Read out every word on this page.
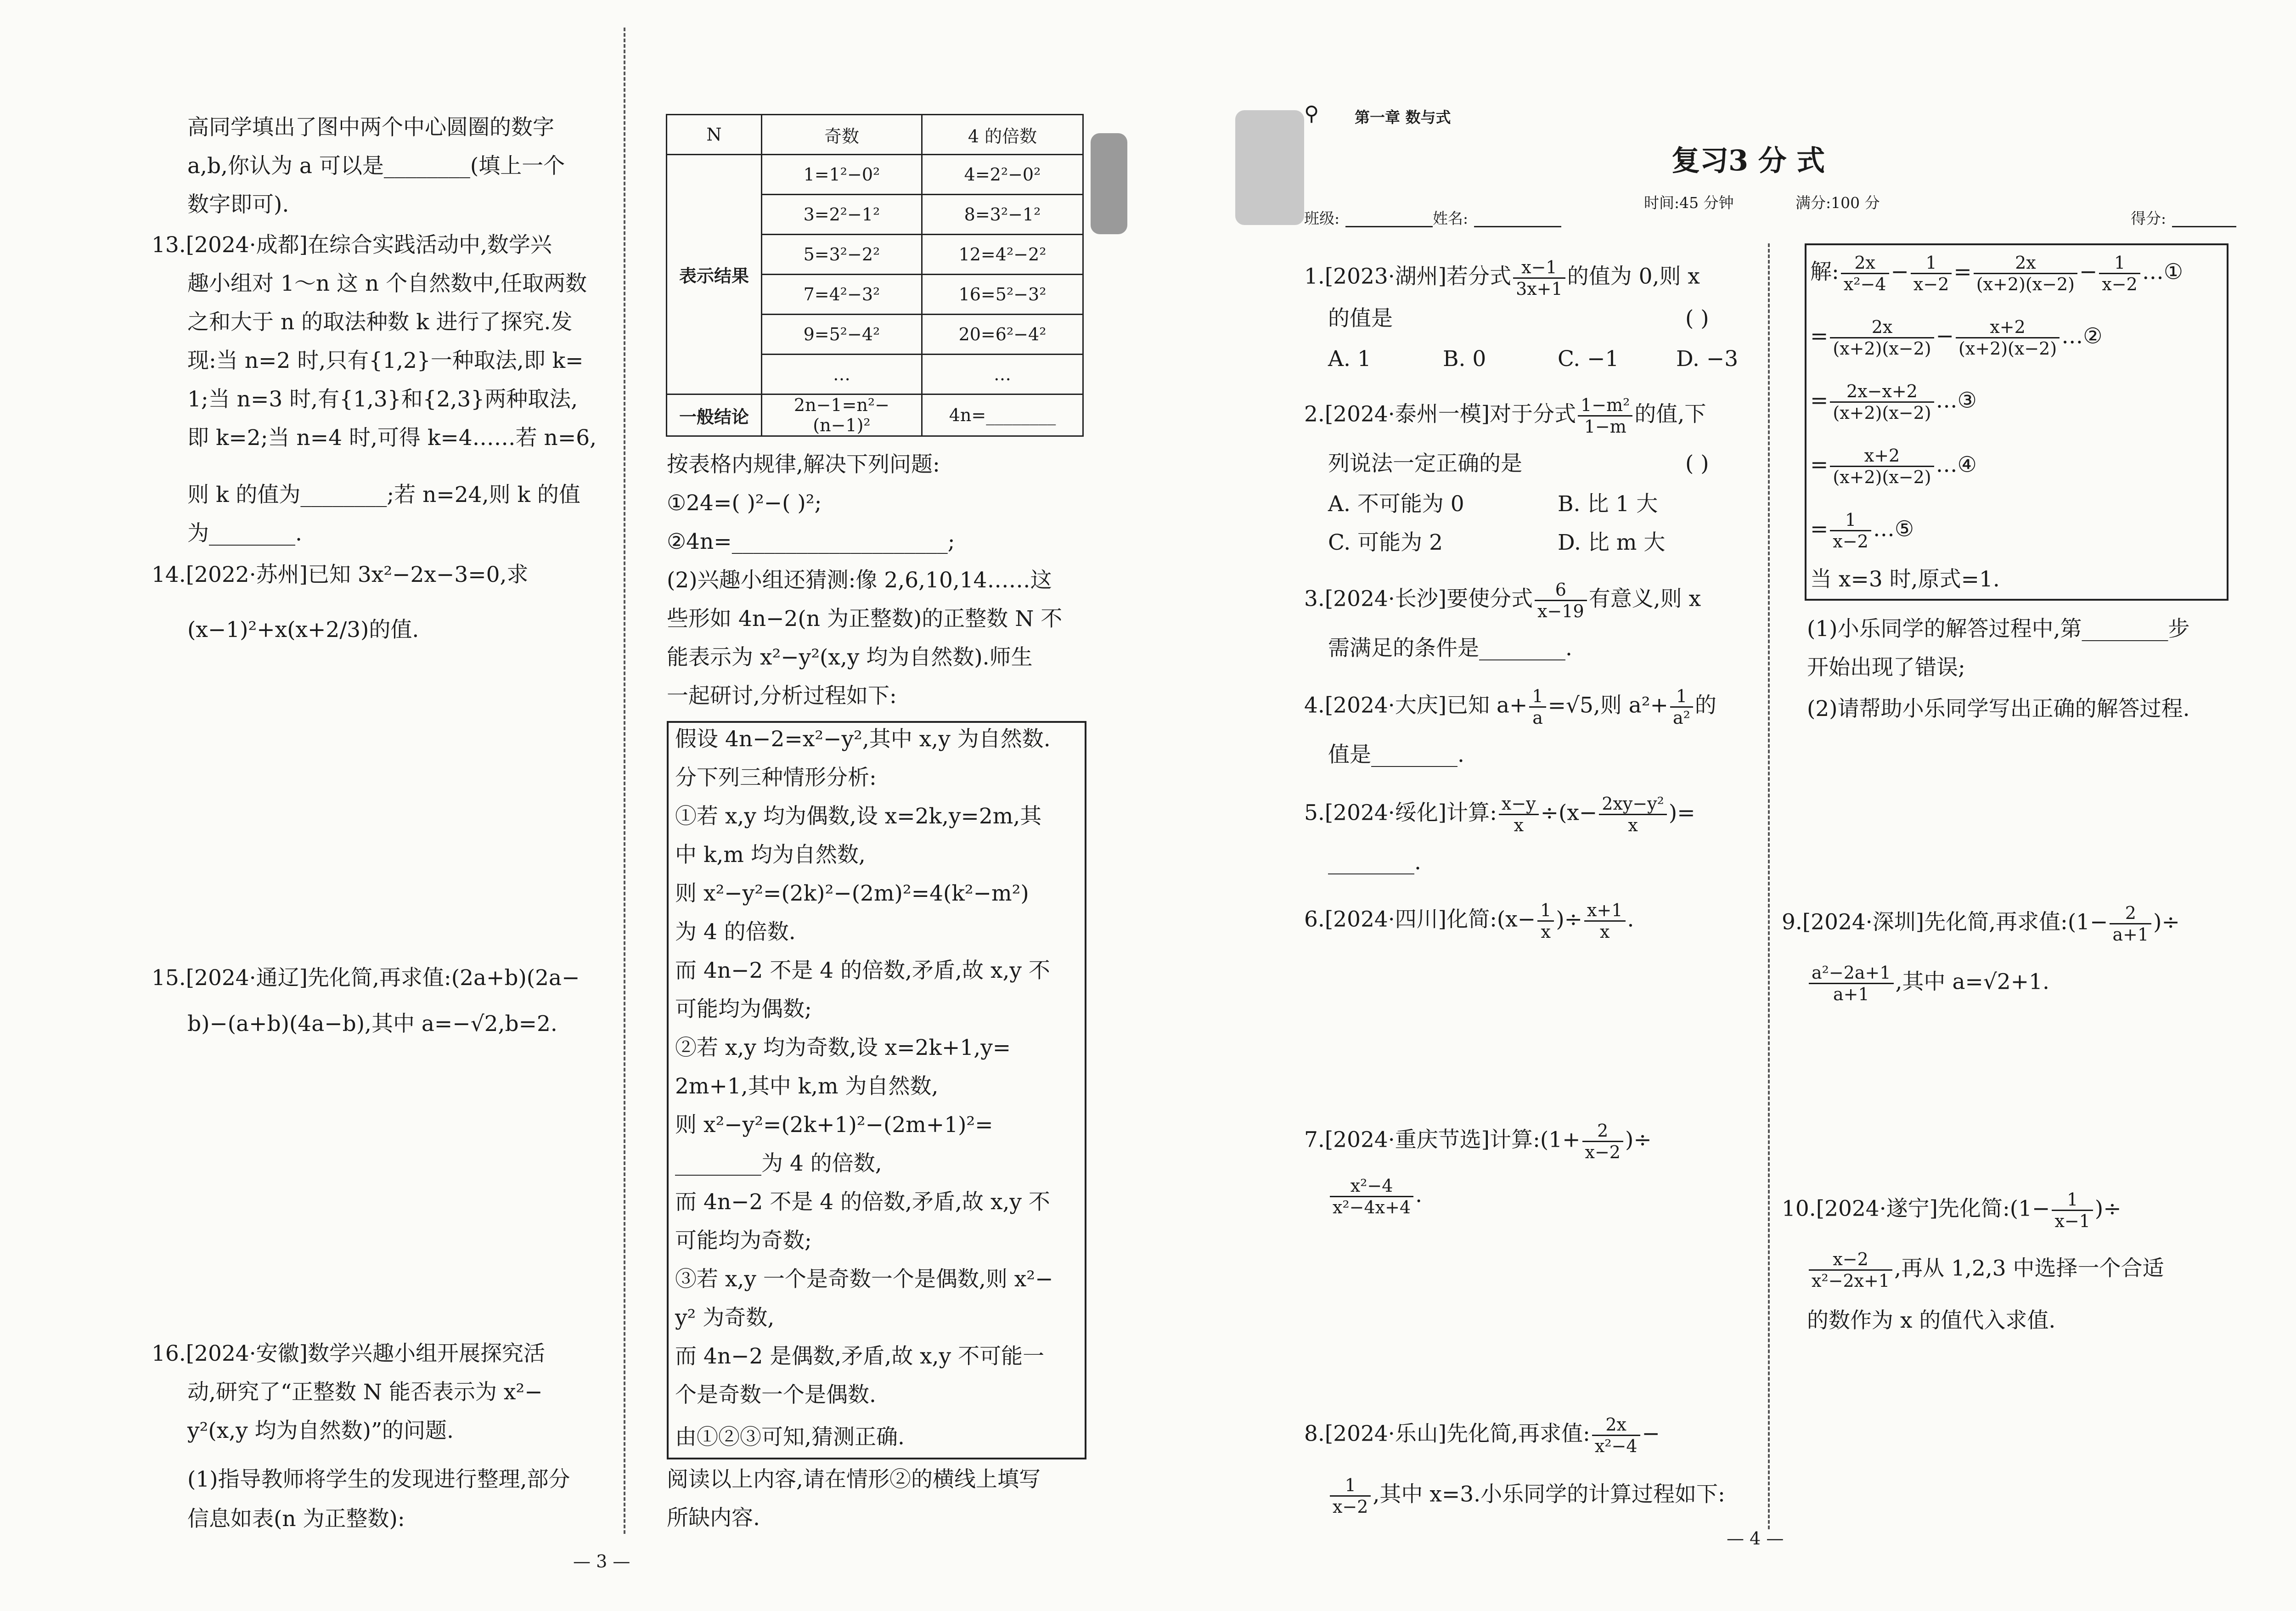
高同学填出了图中两个中心圆圈的数字
a,b,你认为 a 可以是________(填上一个
数字即可).
13.[2024·成都]在综合实践活动中,数学兴
趣小组对 1～n 这 n 个自然数中,任取两数
之和大于 n 的取法种数 k 进行了探究.发
现:当 n=2 时,只有{1,2}一种取法,即 k=
1;当 n=3 时,有{1,3}和{2,3}两种取法,
即 k=2;当 n=4 时,可得 k=4……若 n=6,
则 k 的值为________;若 n=24,则 k 的值
为________.
14.[2022·苏州]已知 3x²−2x−3=0,求
(x−1)²+x(x+2/3)的值.
15.[2024·通辽]先化简,再求值:(2a+b)(2a−
b)−(a+b)(4a−b),其中 a=−√2,b=2.
16.[2024·安徽]数学兴趣小组开展探究活
动,研究了“正整数 N 能否表示为 x²−
y²(x,y 均为自然数)”的问题.
(1)指导教师将学生的发现进行整理,部分
信息如表(n 为正整数):
N	奇数	4 的倍数
表示结果	1=1²−0²	4=2²−0²
	3=2²−1²	8=3²−1²
	5=3²−2²	12=4²−2²
	7=4²−3²	16=5²−3²
	9=5²−4²	20=6²−4²
	…	…
一般结论	2n−1=n²−(n−1)²	4n=________
按表格内规律,解决下列问题:
①24=( )²−( )²;
②4n=____________________;
(2)兴趣小组还猜测:像 2,6,10,14……这
些形如 4n−2(n 为正整数)的正整数 N 不
能表示为 x²−y²(x,y 均为自然数).师生
一起研讨,分析过程如下:
假设 4n−2=x²−y²,其中 x,y 为自然数.
分下列三种情形分析:
①若 x,y 均为偶数,设 x=2k,y=2m,其
中 k,m 均为自然数,
则 x²−y²=(2k)²−(2m)²=4(k²−m²)
为 4 的倍数.
而 4n−2 不是 4 的倍数,矛盾,故 x,y 不
可能均为偶数;
②若 x,y 均为奇数,设 x=2k+1,y=
2m+1,其中 k,m 为自然数,
则 x²−y²=(2k+1)²−(2m+1)²=
________为 4 的倍数,
而 4n−2 不是 4 的倍数,矛盾,故 x,y 不
可能均为奇数;
③若 x,y 一个是奇数一个是偶数,则 x²−
y² 为奇数,
而 4n−2 是偶数,矛盾,故 x,y 不可能一
个是奇数一个是偶数.
由①②③可知,猜测正确.
阅读以上内容,请在情形②的横线上填写
所缺内容.
— 3 —
⚲ 第一章 数与式
复习3 分 式
时间:45 分钟	满分:100 分
班级:	姓名:	得分:
1.[2023·湖州]若分式 $\frac{x-1}{3x+1}$ 的值为 0,则 x
的值是	( )
A. 1	B. 0	C. −1	D. −3
2.[2024·泰州一模]对于分式 $\frac{\text{1−m²}}{1-m}$ 的值,下
列说法一定正确的是	( )
A. 不可能为 0	B. 比 1 大
C. 可能为 2	D. 比 m 大
3.[2024·长沙]要使分式 $\frac{6}{x-19}$ 有意义,则 x
需满足的条件是________.
4.[2024·大庆]已知 $a+ \frac{1}{a} =√5$,则 $a^2+ \frac{1}{\text{a²}}$ 的
值是________.
5.[2024·绥化]计算: $\frac{x-y}{x} \div(x- \frac{\text{2xy−y²}}{x}$ )=
________.
6.[2024·四川]化简:(x− $\frac{1}{x}$ )÷ $\frac{x+1}{x}$ .
7.[2024·重庆节选]计算:(1+ $\frac{2}{x-2}$ )÷
$\frac{\text{x²−4}}{\text{x²−4x+4}}$ .
8.[2024·乐山]先化简,再求值: $\frac{2x}{\text{x²−4}}$ −
$\frac{1}{x-2}$ ,其中 x=3.小乐同学的计算过程如下:
解: $\frac{2x}{\text{x²−4}} - \frac{1}{x-2} = \frac{2x}{(x+2)(x-2)} - \frac{1}{x-2}$ …①
= $\frac{2x}{(x+2)(x-2)} - \frac{x+2}{(x+2)(x-2)}$ …②
= $\frac{2x-x+2}{(x+2)(x-2)}$ …③
= $\frac{x+2}{(x+2)(x-2)}$ …④
= $\frac{1}{x-2}$ …⑤
当 x=3 时,原式=1.
(1)小乐同学的解答过程中,第________步
开始出现了错误;
(2)请帮助小乐同学写出正确的解答过程.
9.[2024·深圳]先化简,再求值:(1− $\frac{2}{a+1}$ )÷
$\frac{\text{a²−2a+1}}{a+1}$ ,其中 a=√2+1.
10.[2024·遂宁]先化简:(1− $\frac{1}{x-1}$ )÷
$\frac{x-2}{\text{x²−2x+1}}$ ,再从 1,2,3 中选择一个合适
的数作为 x 的值代入求值.
— 4 —
